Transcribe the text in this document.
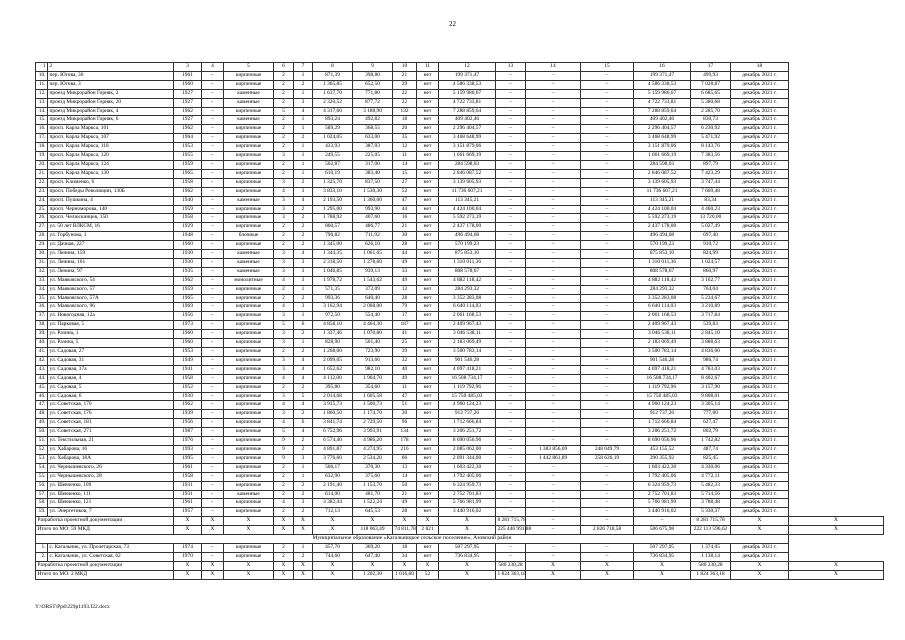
22
1	2	3	4	5	6	7	8	9	10	11	12	13	14	15	16	17	18	
10.	пер. Югова, 30	1961	–	кирпичные	2	1	871,39	398,80	21	нет	199 371,47	–	–	–	199 371,47	499,93	декабрь 2021 г.	
11.	пер. Югова, 3	1960	–	кирпичные	2	2	1 365,85	652,50	29	нет	4 586 338,53	–	–	–	4 586 338,53	7 028,87	декабрь 2021 г.	
12.	проезд Микрорайон Горняк, 2	1927	–	каменные	2	1	1 637,70	771,80	22	нет	5 159 986,67	–	–	–	5 159 986,67	6 685,65	декабрь 2021 г.	
13.	проезд Микрорайон Горняк, 20	1927	–	каменные	2	3	2 320,52	877,72	22	нет	4 722 733,81	–	–	–	4 722 733,81	5 380,68	декабрь 2021 г.	
14.	проезд Микрорайон Горняк, 4	1962	–	кирпичные	5	4	4 317,60	3 188,90	132	нет	7 288 859,64	–	–	–	7 288 859,64	2 285,70	декабрь 2021 г.	
15.	проезд Микрорайон Горняк, 6	1927	–	каменные	2	1	893,24	492,82	18	нет	409 402,46	–	–	–	409 402,46	830,73	декабрь 2021 г.	
16.	просп. Карла Маркса, 101	1962	–	кирпичные	2	1	589,29	368,55	20	нет	2 296 404,57	–	–	–	2 296 404,57	6 230,92	декабрь 2021 г.	
17.	просп. Карла Маркса, 107	1964	–	кирпичные	2	2	1 024,05	633,00	35	нет	3 468 648,99	–	–	–	3 468 648,99	5 471,92	декабрь 2021 г.	
18.	просп. Карла Маркса, 118	1953	–	кирпичные	2	1	433,93	387,03	12	нет	3 151 879,06	–	–	–	3 151 879,06	8 143,76	декабрь 2021 г.	
19.	просп. Карла Маркса, 120	1955	–	кирпичные	3	1	249,55	225,05	11	нет	1 661 669,19	–	–	–	1 661 669,19	7 383,56	декабрь 2021 г.	
20.	просп. Карла Маркса, 124	1959	–	кирпичные	2	1	502,87	317,00	14	нет	284 598,03	–	–	–	284 598,03	897,79	декабрь 2021 г.	
21.	просп. Карла Маркса, 130	1965	–	кирпичные	2	1	610,19	383,40	15	нет	2 846 087,52	–	–	–	2 846 087,52	7 423,29	декабрь 2021 г.	
22.	просп. Клименко, 6	1958	–	кирпичные	3	2	1 325,70	837,50	27	нет	3 139 605,93	–	–	–	3 139 605,93	3 747,44	декабрь 2021 г.	
23.	просп. Победы Революции, 130Б	1962	–	кирпичные	4	3	3 833,10	1 530,30	52	нет	11 736 607,21	–	–	–	11 736 607,21	7 669,48	декабрь 2021 г.	
24.	просп. Пушкина, 4	1940	–	каменные	3	4	2 193,50	1 360,00	47	нет	113 345,21	–	–	–	113 345,21	83,34	декабрь 2021 г.	
25.	просп. Черноморова, 140	1959	–	кирпичные	3	2	1 295,00	993,90	44	нет	4 424 100,04	–	–	–	4 424 100,04	4 460,23	декабрь 2021 г.	
26.	просп. Челюскинцев, 150	1958	–	кирпичные	3	2	1 788,92	407,60	16	нет	5 592 273,19	–	–	–	5 592 273,19	13 720,00	декабрь 2021 г.	
27.	ул. 50 лет ВЛКСМ, 16	1929	–	кирпичные	2	2	860,57	486,77	21	нет	2 437 178,00	–	–	–	2 437 178,00	5 027,49	декабрь 2021 г.	
28.	ул. Горбунова, 1	1948	–	блочные	2	2	796,82	711,92	30	нет	496 494,68	–	–	–	496 494,68	697,40	декабрь 2021 г.	
29.	ул. Дачная, 227	1960	–	кирпичные	2	2	1 345,00	626,10	28	нет	570 199,23	–	–	–	570 199,23	910,72	декабрь 2021 г.	
30.	ул. Ленина, 159	1930	–	каменные	3	4	1 344,35	1 061,65	44	нет	875 853,10	–	–	–	875 853,10	824,99	декабрь 2021 г.	
31.	ул. Ленина, 161	1930	–	каменные	3	3	2 318,50	1 278,60	49	нет	1 310 011,36	–	–	–	1 310 011,36	1 024,57	декабрь 2021 г.	
32.	ул. Ленина, 97	1935	–	каменные	3	3	1 046,85	939,13	33	нет	808 578,67	–	–	–	808 578,67	860,97	декабрь 2021 г.	
33.	ул. Маяковского, 54	1962	–	монолитные	4	3	1 978,72	1 543,62	49	нет	4 882 118,42	–	–	–	4 882 118,42	3 162,77	декабрь 2021 г.	
34.	ул. Маяковского, 57	1959	–	кирпичные	2	1	571,35	372,09	12	нет	284 293,32	–	–	–	284 293,32	764,04	декабрь 2021 г.	
35.	ул. Маяковского, 57А	1965	–	кирпичные	2	2	993,36	640,40	28	нет	3 352 283,08	–	–	–	3 352 283,08	5 234,67	декабрь 2021 г.	
36.	ул. Маяковского, 96	1969	–	кирпичные	4	3	3 162,94	2 068,00	79	нет	6 640 114,03	–	–	–	6 640 114,03	3 210,89	декабрь 2021 г.	
37.	ул. Новогодняя, 12а	1956	–	кирпичные	3	1	972,50	554,40	17	нет	2 061 168,53	–	–	–	2 061 168,53	3 717,84	декабрь 2021 г.	
38.	ул. Парковая, 5	1973	–	кирпичные	5	6	4 858,10	4 464,30	187	нет	2 409 967,43	–	–	–	2 409 967,43	539,83	декабрь 2021 г.	
39.	ул. Разина, 1	1960	–	кирпичные	3	2	1 337,46	1 070,80	41	нет	3 046 538,11	–	–	–	3 046 538,11	2 845,10	декабрь 2021 г.	
40.	ул. Разина, 5	1960	–	кирпичные	3	1	828,90	561,40	25	нет	2 183 069,49	–	–	–	2 183 069,49	3 888,63	декабрь 2021 г.	
41.	ул. Садовая, 27	1953	–	кирпичные	2	2	1 268,00	723,90	39	нет	3 500 783,14	–	–	–	3 500 783,14	4 836,00	декабрь 2021 г.	
42.	ул. Садовая, 31	1949	–	кирпичные	3	4	2 099,05	913,66	32	нет	901 546,28	–	–	–	901 546,28	986,74	декабрь 2021 г.	
43.	ул. Садовая, 37а	1941	–	кирпичные	3	4	1 652,62	982,10	40	нет	4 697 418,21	–	–	–	4 697 418,21	4 783,03	декабрь 2021 г.	
44.	ул. Садовая, 4	1958	–	кирпичные	4	4	4 112,00	1 964,70	49	нет	16 508 734,17	–	–	–	16 508 734,17	8 402,67	декабрь 2021 г.	
45.	ул. Садовая, 5	1952	–	кирпичные	2	2	395,80	354,60	11	нет	1 119 792,96	–	–	–	1 119 792,96	3 157,90	декабрь 2021 г.	
46.	ул. Садовая, 6	1930	–	кирпичные	3	5	2 014,68	1 605,58	47	нет	15 750 485,03	–	–	–	15 750 485,03	9 808,01	декабрь 2021 г.	
47.	ул. Советская, 170	1962	–	кирпичные	4	4	3 915,73	1 500,73	51	нет	4 960 124,23	–	–	–	4 960 124,23	3 305,14	декабрь 2021 г.	
48.	ул. Советская, 176	1939	–	кирпичные	3	2	1 860,50	1 174,70	30	нет	912 737,26	–	–	–	912 737,26	777,00	декабрь 2021 г.	
49.	ул. Советская, 181	1956	–	кирпичные	4	6	3 841,74	2 729,50	96	нет	1 712 666,84	–	–	–	1 712 666,84	627,47	декабрь 2021 г.	
50.	ул. Советская, 271	1987	–	кирпичные	5	4	6 752,96	3 993,91	134	нет	3 206 251,72	–	–	–	3 206 251,72	802,79	декабрь 2021 г.	
51.	ул. Текстильная, 21	1976	–	кирпичные	9	2	6 574,40	4 986,20	178	нет	8 690 056,96	–	–	–	8 690 056,96	1 742,82	декабрь 2021 г.	
52.	ул. Хабарова, 16	1993	–	кирпичные	9	2	4 891,87	4 274,95	216	нет	2 085 062,00	–	1 383 856,69	248 049,79	453 155,52	487,74	декабрь 2021 г.	
53.	ул. Хабарова, 18А	1995	–	кирпичные	9	3	3 776,60	2 534,20	66	нет	2 091 344,00	–	1 442 861,89	258 626,19	390 355,92	825,45	декабрь 2021 г.	
54.	ул. Чернышевского, 26	1961	–	кирпичные	2	1	566,17	370,30	13	нет	1 603 422,30	–	–	–	1 603 422,30	4 330,06	декабрь 2021 г.	
55.	ул. Чернышевского, 28	1958	–	кирпичные	2	1	632,90	375,60	14	нет	1 792 405,06	–	–	–	1 792 405,06	4 772,11	декабрь 2021 г.	
56.	ул. Шевченко, 109	1931	–	кирпичные	2	2	2 191,40	1 153,70	50	нет	6 324 959,73	–	–	–	6 324 959,73	5 482,33	декабрь 2021 г.	
57.	ул. Шевченко, 111	1931	–	каменные	2	2	614,00	481,70	21	нет	2 752 701,83	–	–	–	2 752 701,83	5 714,56	декабрь 2021 г.	
58.	ул. Шевченко, 121	1961	–	кирпичные	4	3	3 382,44	1 522,24	49	нет	5 766 981,99	–	–	–	5 766 981,99	3 788,48	декабрь 2021 г.	
59.	ул. Энергетиков, 7	1957	–	кирпичные	2	2	712,13	645,53	28	нет	3 440 916,02	–	–	–	3 440 916,02	5 330,37	декабрь 2021 г.	
Разработка проектной документации		X	X	X	X	X	X	X	X	X	X	8 281 715,78	–	–	–	8 281 715,78	X	X
Итого по МО: 59 МКД		X	X	X	X	X	X	118 063,49	74 811,78	2 821	X	225 446 991,88	–	2 826 718,58	506 675,98	222 113 596,62	X	X
Муниципальное образование «Кагальницкое сельское поселение», Азовский район																		
1.	с. Кагальник, ул. Пролетарская, 73	1974	–	кирпичные	2	1	457,70	369,20	18	нет	507 297,95	–	–	–	507 297,95	1 374,05	декабрь 2021 г.	
2.	с. Кагальник, ул. Советская, 62	1970	–	кирпичные	2	2	744,60	647,40	34	нет	736 834,95	–	–	–	736 834,95	1 138,14	декабрь 2021 г.	
Разработка проектной документации		X	X	X	X	X	X	X	X	X	X	580 230,28	X	X	X	580 230,28	X	X
Итого по МО: 2 МКД		X	X	X	X	X	X	1 202,30	1 016,60	52	X	1 824 363,18	X	X	X	1 824 363,18	X	X
Y:\ORST\Ppd\229p1193.f22.docx
